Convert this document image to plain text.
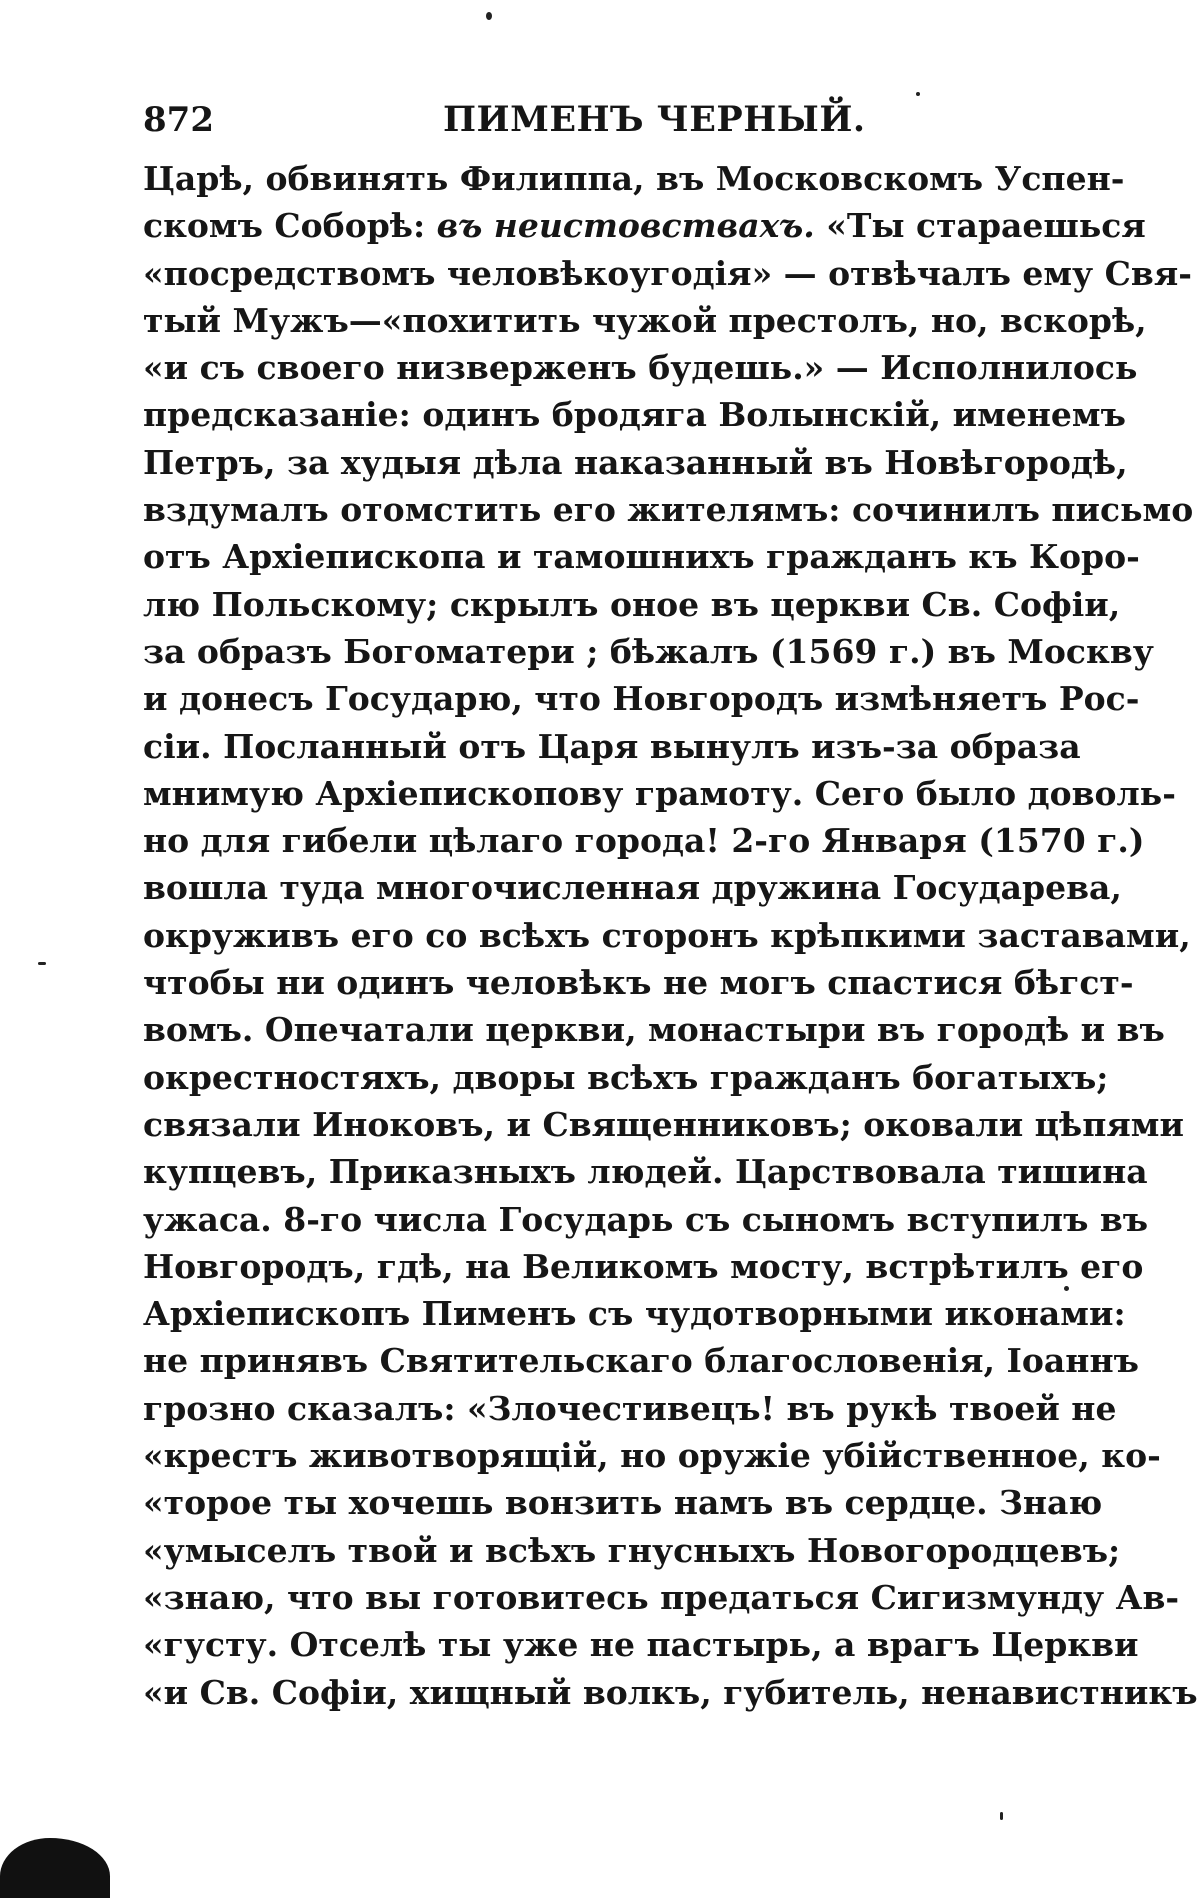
872	ПИМЕНЪ ЧЕРНЫЙ.
Царѣ, обвинять Филиппа, въ Московскомъ Успен-
скомъ Соборѣ: въ неистовствахъ. «Ты стараешься
«посредствомъ человѣкоугодія» — отвѣчалъ ему Свя-
тый Мужъ—«похитить чужой престолъ, но, вскорѣ,
«и съ своего низверженъ будешь.» — Исполнилось
предсказаніе: одинъ бродяга Волынскій, именемъ
Петръ, за худыя дѣла наказанный въ Новѣгородѣ,
вздумалъ отомстить его жителямъ: сочинилъ письмо
отъ Архіепископа и тамошнихъ гражданъ къ Коро-
лю Польскому; скрылъ оное въ церкви Св. Софіи,
за образъ Богоматери ; бѣжалъ (1569 г.) въ Москву
и донесъ Государю, что Новгородъ измѣняетъ Рос-
сіи. Посланный отъ Царя вынулъ изъ-за образа
мнимую Архіепископову грамоту. Сего было доволь-
но для гибели цѣлаго города! 2-го Января (1570 г.)
вошла туда многочисленная дружина Государева,
окруживъ его со всѣхъ сторонъ крѣпкими заставами,
чтобы ни одинъ человѣкъ не могъ спастися бѣгст-
вомъ. Опечатали церкви, монастыри въ городѣ и въ
окрестностяхъ, дворы всѣхъ гражданъ богатыхъ;
связали Иноковъ, и Священниковъ; оковали цѣпями
купцевъ, Приказныхъ людей. Царствовала тишина
ужаса. 8-го числа Государь съ сыномъ вступилъ въ
Новгородъ, гдѣ, на Великомъ мосту, встрѣтилъ его
Архіепископъ Пименъ съ чудотворными иконами:
не принявъ Святительскаго благословенія, Іоаннъ
грозно сказалъ: «Злочестивецъ! въ рукѣ твоей не
«крестъ животворящій, но оружіе убійственное, ко-
«торое ты хочешь вонзить намъ въ сердце. Знаю
«умыселъ твой и всѣхъ гнусныхъ Новогородцевъ;
«знаю, что вы готовитесь предаться Сигизмунду Ав-
«густу. Отселѣ ты уже не пастырь, а врагъ Церкви
«и Св. Софіи, хищный волкъ, губитель, ненавистникъ
